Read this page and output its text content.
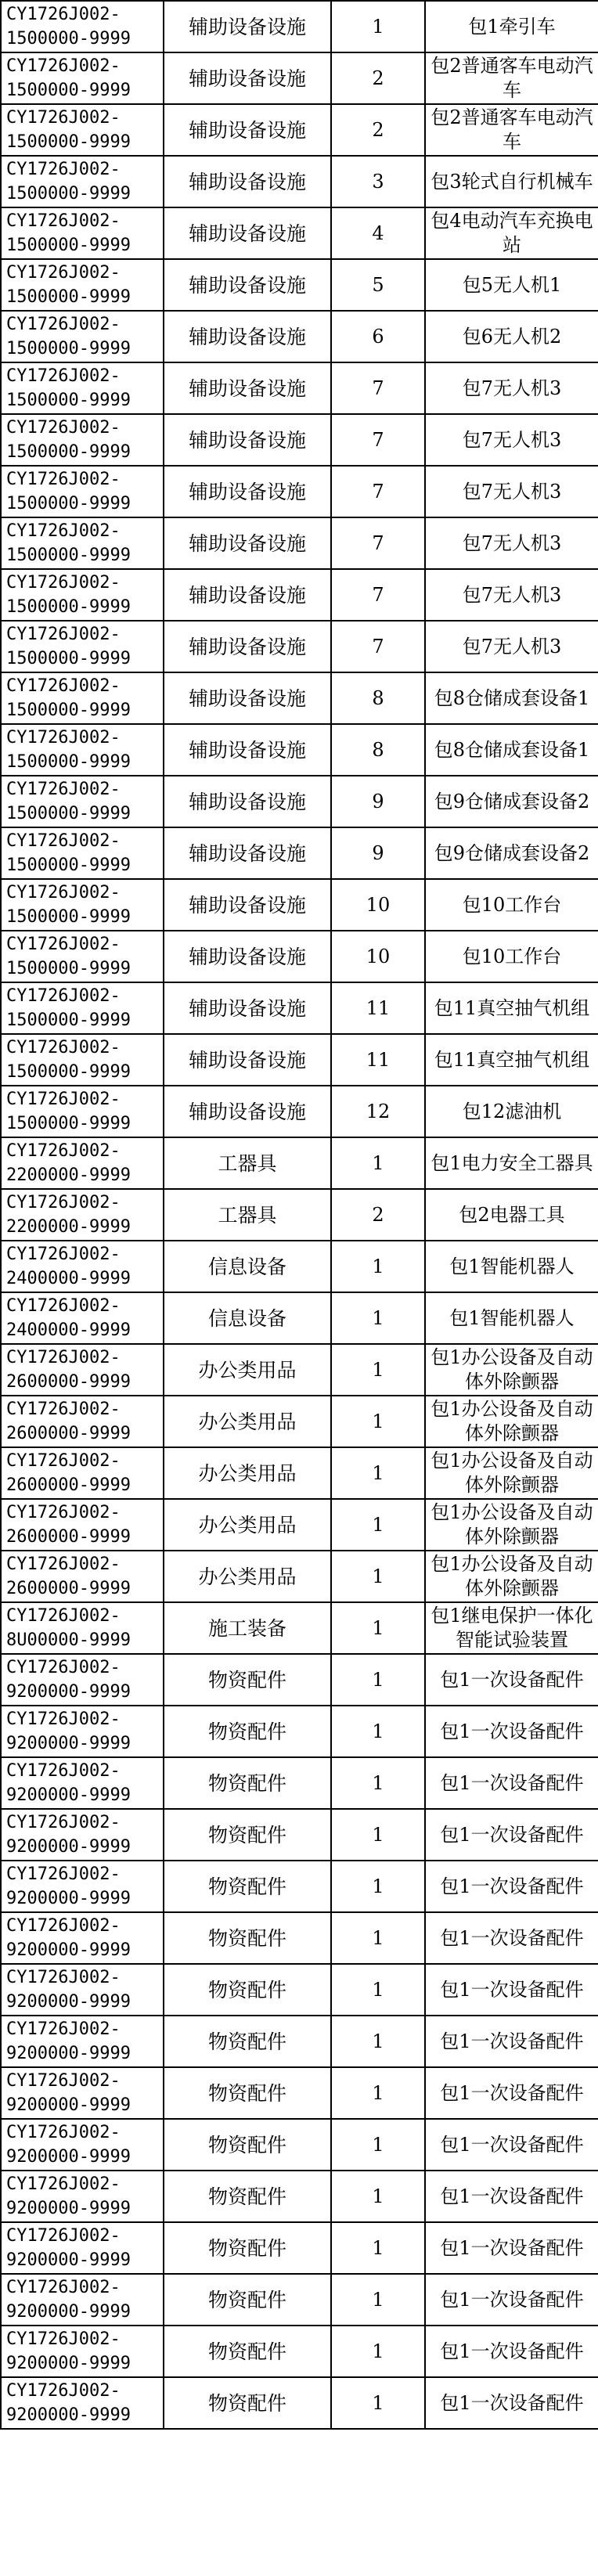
CY1726J002-
1500000-9999	辅助设备设施	1	包1牵引车
CY1726J002-
1500000-9999	辅助设备设施	2	包2普通客车电动汽车
CY1726J002-
1500000-9999	辅助设备设施	2	包2普通客车电动汽车
CY1726J002-
1500000-9999	辅助设备设施	3	包3轮式自行机械车
CY1726J002-
1500000-9999	辅助设备设施	4	包4电动汽车充换电站
CY1726J002-
1500000-9999	辅助设备设施	5	包5无人机1
CY1726J002-
1500000-9999	辅助设备设施	6	包6无人机2
CY1726J002-
1500000-9999	辅助设备设施	7	包7无人机3
CY1726J002-
1500000-9999	辅助设备设施	7	包7无人机3
CY1726J002-
1500000-9999	辅助设备设施	7	包7无人机3
CY1726J002-
1500000-9999	辅助设备设施	7	包7无人机3
CY1726J002-
1500000-9999	辅助设备设施	7	包7无人机3
CY1726J002-
1500000-9999	辅助设备设施	7	包7无人机3
CY1726J002-
1500000-9999	辅助设备设施	8	包8仓储成套设备1
CY1726J002-
1500000-9999	辅助设备设施	8	包8仓储成套设备1
CY1726J002-
1500000-9999	辅助设备设施	9	包9仓储成套设备2
CY1726J002-
1500000-9999	辅助设备设施	9	包9仓储成套设备2
CY1726J002-
1500000-9999	辅助设备设施	10	包10工作台
CY1726J002-
1500000-9999	辅助设备设施	10	包10工作台
CY1726J002-
1500000-9999	辅助设备设施	11	包11真空抽气机组
CY1726J002-
1500000-9999	辅助设备设施	11	包11真空抽气机组
CY1726J002-
1500000-9999	辅助设备设施	12	包12滤油机
CY1726J002-
2200000-9999	工器具	1	包1电力安全工器具
CY1726J002-
2200000-9999	工器具	2	包2电器工具
CY1726J002-
2400000-9999	信息设备	1	包1智能机器人
CY1726J002-
2400000-9999	信息设备	1	包1智能机器人
CY1726J002-
2600000-9999	办公类用品	1	包1办公设备及自动体外除颤器
CY1726J002-
2600000-9999	办公类用品	1	包1办公设备及自动体外除颤器
CY1726J002-
2600000-9999	办公类用品	1	包1办公设备及自动体外除颤器
CY1726J002-
2600000-9999	办公类用品	1	包1办公设备及自动体外除颤器
CY1726J002-
2600000-9999	办公类用品	1	包1办公设备及自动体外除颤器
CY1726J002-
8U00000-9999	施工装备	1	包1继电保护一体化智能试验装置
CY1726J002-
9200000-9999	物资配件	1	包1一次设备配件
CY1726J002-
9200000-9999	物资配件	1	包1一次设备配件
CY1726J002-
9200000-9999	物资配件	1	包1一次设备配件
CY1726J002-
9200000-9999	物资配件	1	包1一次设备配件
CY1726J002-
9200000-9999	物资配件	1	包1一次设备配件
CY1726J002-
9200000-9999	物资配件	1	包1一次设备配件
CY1726J002-
9200000-9999	物资配件	1	包1一次设备配件
CY1726J002-
9200000-9999	物资配件	1	包1一次设备配件
CY1726J002-
9200000-9999	物资配件	1	包1一次设备配件
CY1726J002-
9200000-9999	物资配件	1	包1一次设备配件
CY1726J002-
9200000-9999	物资配件	1	包1一次设备配件
CY1726J002-
9200000-9999	物资配件	1	包1一次设备配件
CY1726J002-
9200000-9999	物资配件	1	包1一次设备配件
CY1726J002-
9200000-9999	物资配件	1	包1一次设备配件
CY1726J002-
9200000-9999	物资配件	1	包1一次设备配件
